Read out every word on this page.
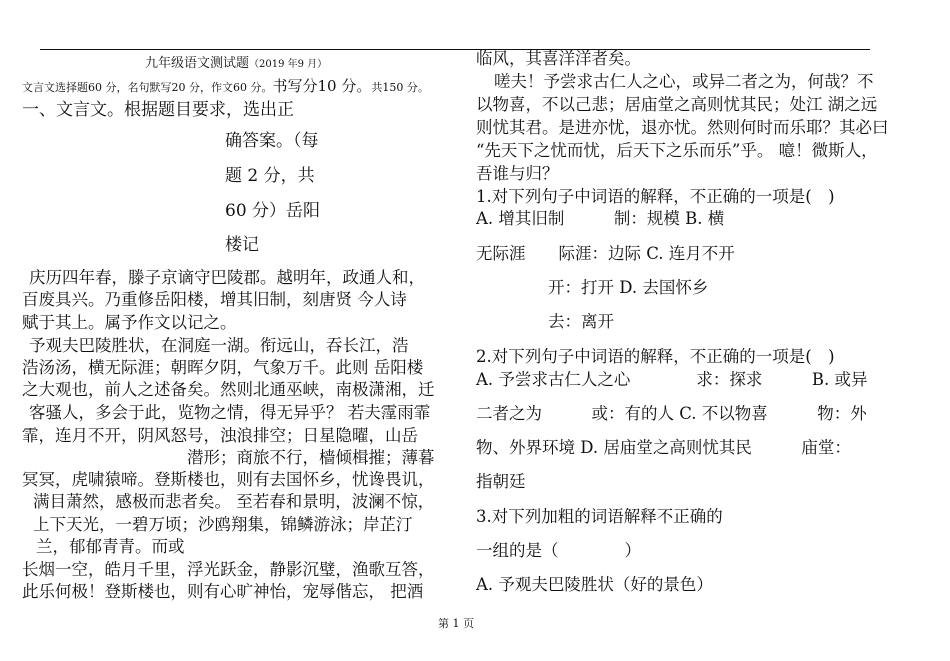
九年级语文测试题（2019 年9 月）
文言文选择题60 分，名句默写20 分，作文60 分。书写分10 分。共150 分。
一、文言文。根据题目要求，选出正
确答案。（每
题 2 分，共
60 分）岳阳
楼记
庆历四年春，滕子京谪守巴陵郡。越明年，政通人和，
百废具兴。乃重修岳阳楼，增其旧制，刻唐贤 今人诗
赋于其上。属予作文以记之。
予观夫巴陵胜状，在洞庭一湖。衔远山，吞长江，浩
浩汤汤，横无际涯；朝晖夕阴，气象万千。此则 岳阳楼
之大观也，前人之述备矣。然则北通巫峡，南极潇湘，迁
客骚人，多会于此，览物之情，得无异乎？ 若夫霪雨霏
霏，连月不开，阴风怒号，浊浪排空；日星隐曜，山岳
潜形；商旅不行，樯倾楫摧；薄暮
冥冥，虎啸猿啼。登斯楼也，则有去国怀乡，忧谗畏讥，
满目萧然，感极而悲者矣。 至若春和景明，波澜不惊，
上下天光，一碧万顷；沙鸥翔集，锦鳞游泳；岸芷汀
兰，郁郁青青。而或
长烟一空，皓月千里，浮光跃金，静影沉璧，渔歌互答，
此乐何极！登斯楼也，则有心旷神怡，宠辱偕忘， 把酒
临风，其喜洋洋者矣。
嗟夫！予尝求古仁人之心，或异二者之为，何哉？不
以物喜，不以己悲；居庙堂之高则忧其民；处江 湖之远
则忧其君。是进亦忧，退亦忧。然则何时而乐耶？其必曰
“先天下之忧而忧，后天下之乐而乐”乎。 噫！微斯人，
吾谁与归？
1.对下列句子中词语的解释，不正确的一项是(　)
A. 增其旧制　　　制：规模 B. 横
无际涯　　际涯：边际 C. 连月不开
开：打开 D. 去国怀乡
去：离开
2.对下列句子中词语的解释，不正确的一项是(　)
A. 予尝求古仁人之心　　　　求：探求　　　B. 或异
二者之为　　　或：有的人 C. 不以物喜　　　物：外
物、外界环境 D. 居庙堂之高则忧其民　　　庙堂：
指朝廷
3.对下列加粗的词语解释不正确的
一组的是（　　　　）
A. 予观夫巴陵胜状（好的景色）
第 1 页
